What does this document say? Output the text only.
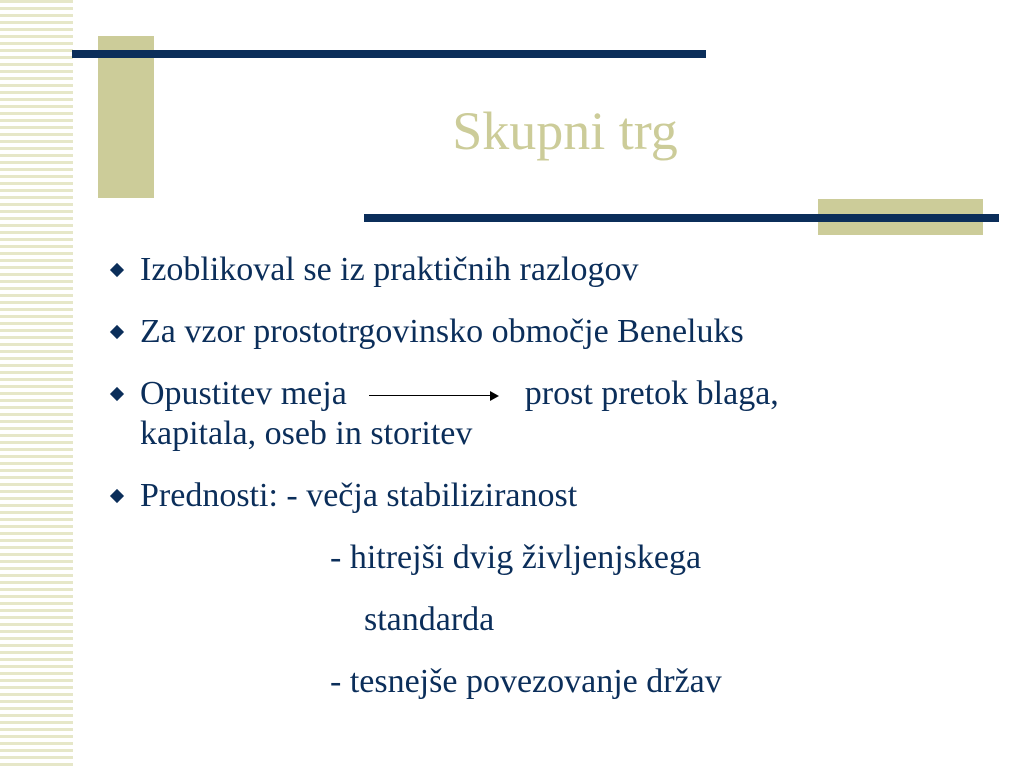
Skupni trg
Izoblikoval se iz praktičnih razlogov
Za vzor prostotrgovinsko območje Beneluks
Opustitev meja	prost pretok blaga,
kapitala, oseb in storitev
Prednosti: - večja stabiliziranost
- hitrejši dvig življenjskega
standarda
- tesnejše povezovanje držav
